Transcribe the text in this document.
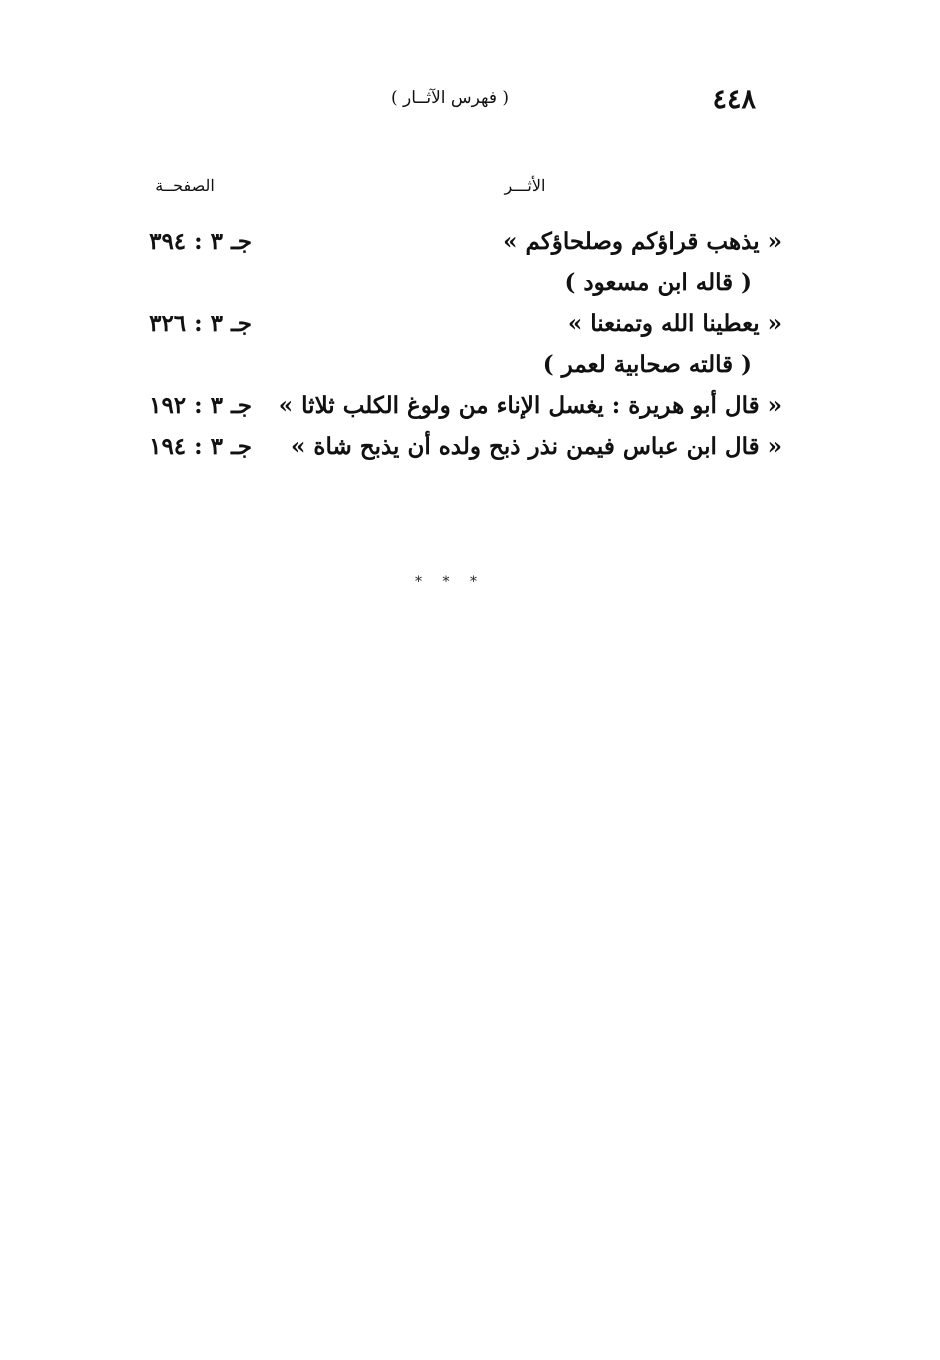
٤٤٨
( فهرس الآثــار )
الأثـــر
الصفحــة
« يذهب قراؤكم وصلحاؤكم »
جـ ٣ : ٣٩٤
( قاله ابن مسعود )
« يعطينا الله وتمنعنا »
جـ ٣ : ٣٢٦
( قالته صحابية لعمر )
« قال أبو هريرة : يغسل الإناء من ولوغ الكلب ثلاثا »
جـ ٣ : ١٩٢
« قال ابن عباس فيمن نذر ذبح ولده أن يذبح شاة »
جـ ٣ : ١٩٤
* * *
